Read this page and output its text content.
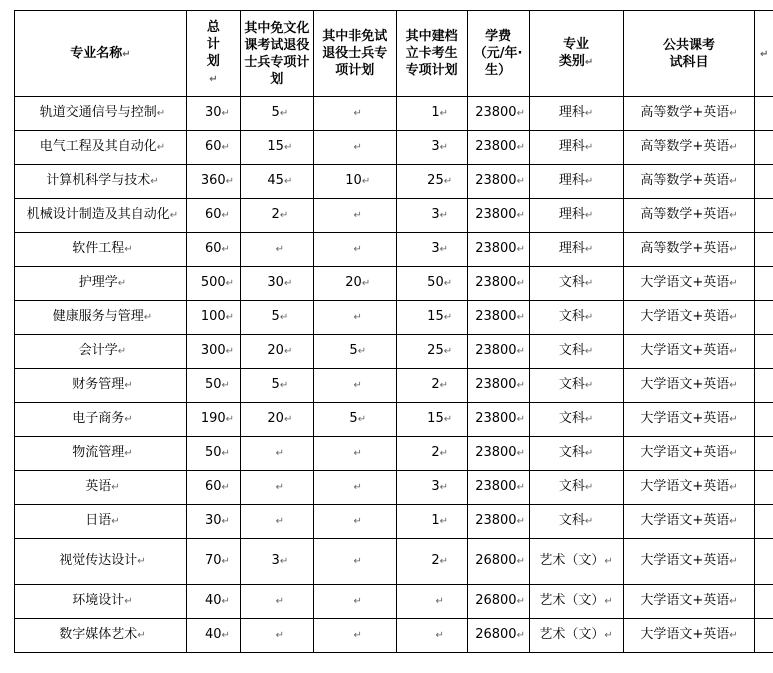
专业名称↵	总计划↵	其中免文化课考试退役士兵专项计划	其中非免试退役士兵专项计划	其中建档立卡考生专项计划	学费（元/年·生）	专业类别↵	公共课考试科目	↵
轨道交通信号与控制↵	30↵	5↵	↵	1↵	23800↵	理科↵	高等数学+英语↵	
电气工程及其自动化↵	60↵	15↵	↵	3↵	23800↵	理科↵	高等数学+英语↵	
计算机科学与技术↵	360↵	45↵	10↵	25↵	23800↵	理科↵	高等数学+英语↵	
机械设计制造及其自动化↵	60↵	2↵	↵	3↵	23800↵	理科↵	高等数学+英语↵	
软件工程↵	60↵	↵	↵	3↵	23800↵	理科↵	高等数学+英语↵	
护理学↵	500↵	30↵	20↵	50↵	23800↵	文科↵	大学语文+英语↵	
健康服务与管理↵	100↵	5↵	↵	15↵	23800↵	文科↵	大学语文+英语↵	
会计学↵	300↵	20↵	5↵	25↵	23800↵	文科↵	大学语文+英语↵	
财务管理↵	50↵	5↵	↵	2↵	23800↵	文科↵	大学语文+英语↵	
电子商务↵	190↵	20↵	5↵	15↵	23800↵	文科↵	大学语文+英语↵	
物流管理↵	50↵	↵	↵	2↵	23800↵	文科↵	大学语文+英语↵	
英语↵	60↵	↵	↵	3↵	23800↵	文科↵	大学语文+英语↵	
日语↵	30↵	↵	↵	1↵	23800↵	文科↵	大学语文+英语↵	
视觉传达设计↵	70↵	3↵	↵	2↵	26800↵	艺术（文）↵	大学语文+英语↵	
环境设计↵	40↵	↵	↵	↵	26800↵	艺术（文）↵	大学语文+英语↵	
数字媒体艺术↵	40↵	↵	↵	↵	26800↵	艺术（文）↵	大学语文+英语↵	
